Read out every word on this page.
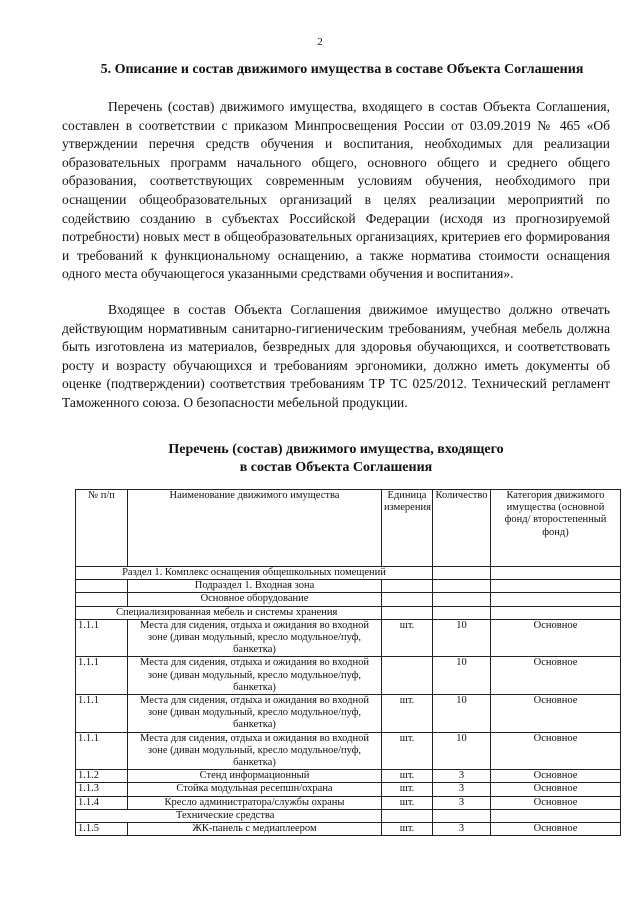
2
5. Описание и состав движимого имущества в составе Объекта Соглашения

Перечень (состав) движимого имущества, входящего в состав Объекта Соглашения, составлен в соответствии с приказом Минпросвещения России от 03.09.2019 № 465 «Об утверждении перечня средств обучения и воспитания, необходимых для реализации образовательных программ начального общего, основного общего и среднего общего образования, соответствующих современным условиям обучения, необходимого при оснащении общеобразовательных организаций в целях реализации мероприятий по содействию созданию в субъектах Российской Федерации (исходя из прогнозируемой потребности) новых мест в общеобразовательных организациях, критериев его формирования и требований к функциональному оснащению, а также норматива стоимости оснащения одного места обучающегося указанными средствами обучения и воспитания».

Входящее в состав Объекта Соглашения движимое имущество должно отвечать действующим нормативным санитарно-гигиеническим требованиям, учебная мебель должна быть изготовлена из материалов, безвредных для здоровья обучающихся, и соответствовать росту и возрасту обучающихся и требованиям эргономики, должно иметь документы об оценке (подтверждении) соответствия требованиям ТР ТС 025/2012. Технический регламент Таможенного союза. О безопасности мебельной продукции.

Перечень (состав) движимого имущества, входящего
в состав Объекта Соглашения
№ п/п	Наименование движимого имущества	Единица измерения	Количество	Категория движимого имущества (основной фонд/ второстепенный фонд)
Раздел 1. Комплекс оснащения общешкольных помещений				
	Подраздел 1. Входная зона			
	Основное оборудование			
Специализированная мебель и системы хранения				
1.1.1	Места для сидения, отдыха и ожидания во входной зоне (диван модульный, кресло модульное/пуф, банкетка)	шт.	10	Основное
1.1.1	Места для сидения, отдыха и ожидания во входной зоне (диван модульный, кресло модульное/пуф, банкетка)		10	Основное
1.1.1	Места для сидения, отдыха и ожидания во входной зоне (диван модульный, кресло модульное/пуф, банкетка)	шт.	10	Основное
1.1.1	Места для сидения, отдыха и ожидания во входной зоне (диван модульный, кресло модульное/пуф, банкетка)	шт.	10	Основное
1.1.2	Стенд информационный	шт.	3	Основное
1.1.3	Стойка модульная ресепшн/охрана	шт.	3	Основное
1.1.4	Кресло администратора/службы охраны	шт.	3	Основное
Технические средства				
1.1.5	ЖК-панель с медиаплеером	шт.	3	Основное
